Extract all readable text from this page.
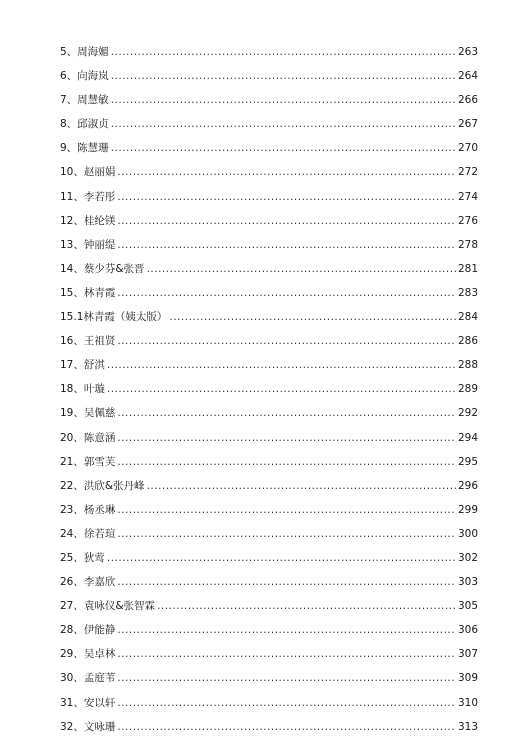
5、周海媚 .....	263
6、向海岚 .....	264
7、周慧敏 .....	266
8、邱淑贞 .....	267
9、陈慧珊 .....	270
10、赵丽娟 .....	272
11、李若彤 .....	274
12、桂纶镁 .....	276
13、钟丽缇 .....	278
14、蔡少芬&张晋 .....	281
15、林青霞 .....	283
15.1林青霞（姨太版） .....	284
16、王祖贤 .....	286
17、舒淇 .....	288
18、叶璇 .....	289
19、吴佩慈 .....	292
20、陈意涵 .....	294
21、郭雪芙 .....	295
22、洪欣&张丹峰 .....	296
23、杨丞琳 .....	299
24、徐若瑄 .....	300
25、狄莺 .....	302
26、李嘉欣 .....	303
27、袁咏仪&张智霖 .....	305
28、伊能静 .....	306
29、吴卓林 .....	307
30、孟庭苇 .....	309
31、安以轩 .....	310
32、文咏珊 .....	313
